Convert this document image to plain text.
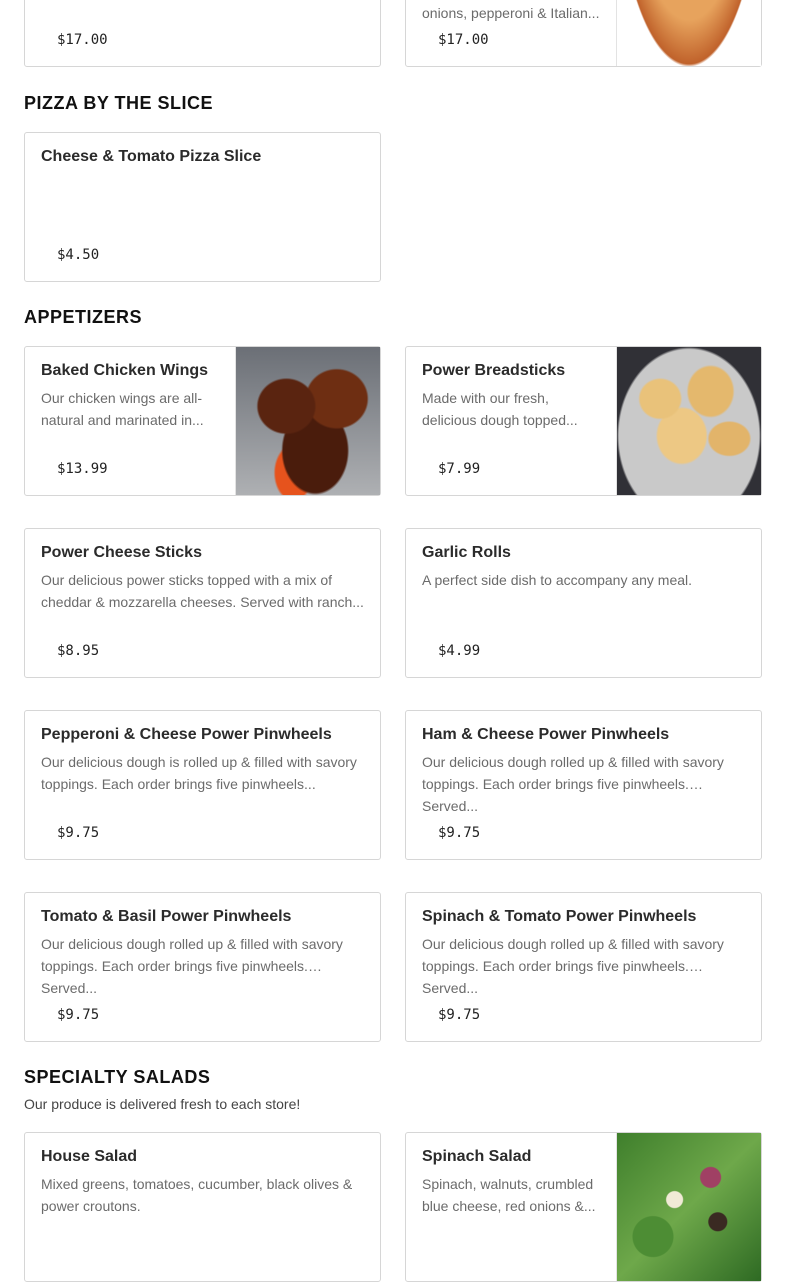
$17.00
onions, pepperoni & Italian...
$17.00
PIZZA BY THE SLICE
Cheese & Tomato Pizza Slice
$4.50
APPETIZERS
Baked Chicken Wings
Our chicken wings are all-natural and marinated in...
$13.99
Power Breadsticks
Made with our fresh, delicious dough topped...
$7.99
Power Cheese Sticks
Our delicious power sticks topped with a mix of cheddar & mozzarella cheeses. Served with ranch...
$8.95
Garlic Rolls
A perfect side dish to accompany any meal.
$4.99
Pepperoni & Cheese Power Pinwheels
Our delicious dough is rolled up & filled with savory toppings. Each order brings five pinwheels...
$9.75
Ham & Cheese Power Pinwheels
Our delicious dough rolled up & filled with savory toppings. Each order brings five pinwheels. Served...
$9.75
Tomato & Basil Power Pinwheels
Our delicious dough rolled up & filled with savory toppings. Each order brings five pinwheels. Served...
$9.75
Spinach & Tomato Power Pinwheels
Our delicious dough rolled up & filled with savory toppings. Each order brings five pinwheels. Served...
$9.75
SPECIALTY SALADS
Our produce is delivered fresh to each store!
House Salad
Mixed greens, tomatoes, cucumber, black olives & power croutons.
Spinach Salad
Spinach, walnuts, crumbled blue cheese, red onions &...
